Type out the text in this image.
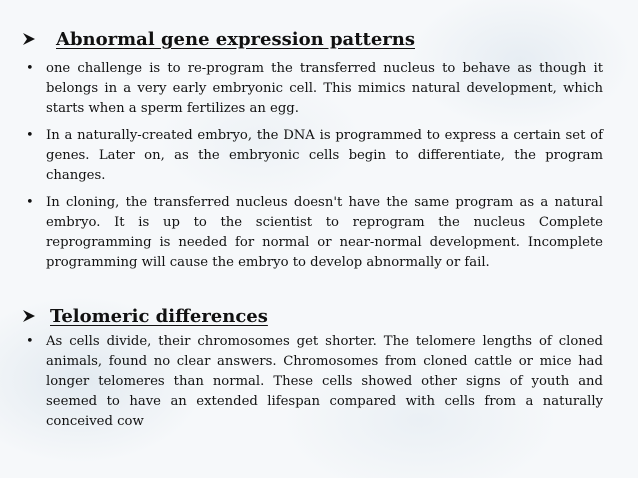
Abnormal gene expression patterns
• one challenge is to re-program the transferred nucleus to behave as though it belongs in a very early embryonic cell. This mimics natural development, which starts when a sperm fertilizes an egg.
• In a naturally-created embryo, the DNA is programmed to express a certain set of genes. Later on, as the embryonic cells begin to differentiate, the program changes.
• In cloning, the transferred nucleus doesn't have the same program as a natural embryo. It is up to the scientist to reprogram the nucleus Complete reprogramming is needed for normal or near-normal development. Incomplete programming will cause the embryo to develop abnormally or fail.
Telomeric differences
• As cells divide, their chromosomes get shorter. The telomere lengths of cloned animals, found no clear answers. Chromosomes from cloned cattle or mice had longer telomeres than normal. These cells showed other signs of youth and seemed to have an extended lifespan compared with cells from a naturally conceived cow
